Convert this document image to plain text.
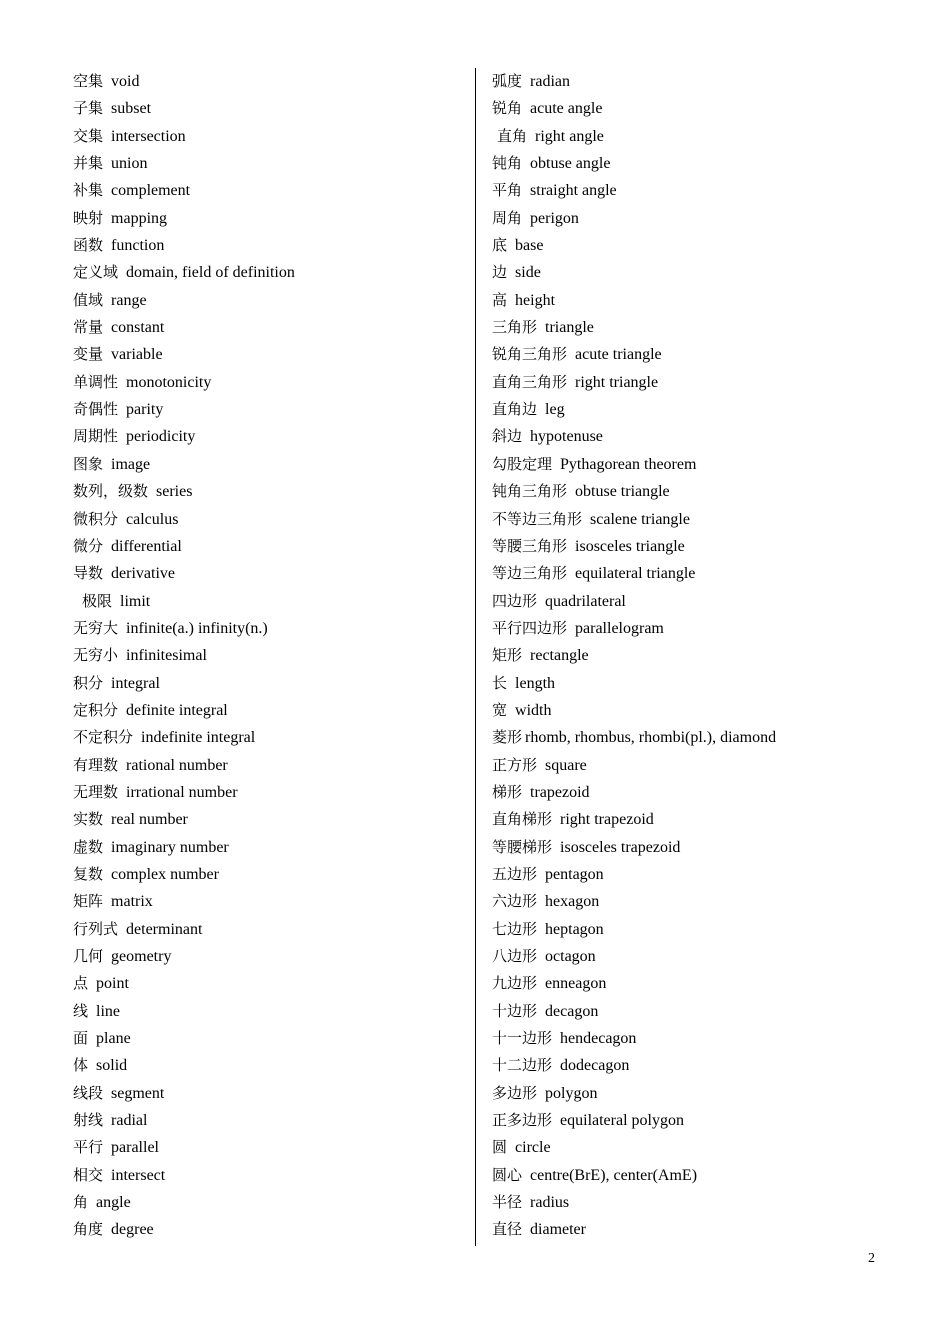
空集 void
子集 subset
交集 intersection
并集 union
补集 complement
映射 mapping
函数 function
定义域 domain, field of definition
值域 range
常量 constant
变量 variable
单调性 monotonicity
奇偶性 parity
周期性 periodicity
图象 image
数列，级数 series
微积分 calculus
微分 differential
导数 derivative
极限 limit
无穷大 infinite(a.) infinity(n.)
无穷小 infinitesimal
积分 integral
定积分 definite integral
不定积分 indefinite integral
有理数 rational number
无理数 irrational number
实数 real number
虚数 imaginary number
复数 complex number
矩阵 matrix
行列式 determinant
几何 geometry
点 point
线 line
面 plane
体 solid
线段 segment
射线 radial
平行 parallel
相交 intersect
角 angle
角度 degree
弧度 radian
锐角 acute angle
直角 right angle
钝角 obtuse angle
平角 straight angle
周角 perigon
底 base
边 side
高 height
三角形 triangle
锐角三角形 acute triangle
直角三角形 right triangle
直角边 leg
斜边 hypotenuse
勾股定理 Pythagorean theorem
钝角三角形 obtuse triangle
不等边三角形 scalene triangle
等腰三角形 isosceles triangle
等边三角形 equilateral triangle
四边形 quadrilateral
平行四边形 parallelogram
矩形 rectangle
长 length
宽 width
菱形 rhomb, rhombus, rhombi(pl.), diamond
正方形 square
梯形 trapezoid
直角梯形 right trapezoid
等腰梯形 isosceles trapezoid
五边形 pentagon
六边形 hexagon
七边形 heptagon
八边形 octagon
九边形 enneagon
十边形 decagon
十一边形 hendecagon
十二边形 dodecagon
多边形 polygon
正多边形 equilateral polygon
圆 circle
圆心 centre(BrE), center(AmE)
半径 radius
直径 diameter
2
